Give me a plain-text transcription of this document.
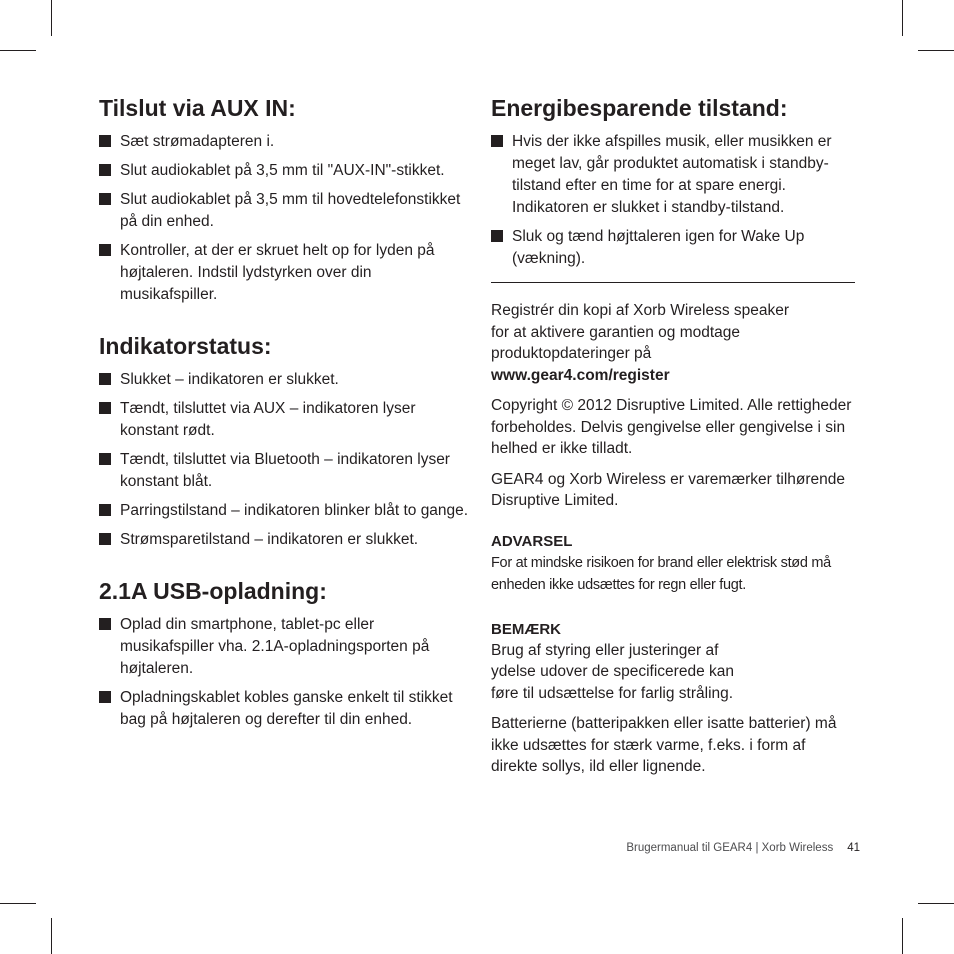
Tilslut via AUX IN:
Sæt strømadapteren i.
Slut audiokablet på 3,5 mm til "AUX-IN"-stikket.
Slut audiokablet på 3,5 mm til hovedtelefonstikket på din enhed.
Kontroller, at der er skruet helt op for lyden på højtaleren. Indstil lydstyrken over din musikafspiller.
Indikatorstatus:
Slukket – indikatoren er slukket.
Tændt, tilsluttet via AUX – indikatoren lyser konstant rødt.
Tændt, tilsluttet via Bluetooth – indikatoren lyser konstant blåt.
Parringstilstand – indikatoren blinker blåt to gange.
Strømsparetilstand – indikatoren er slukket.
2.1A USB-opladning:
Oplad din smartphone, tablet-pc eller musikafspiller vha. 2.1A-opladningsporten på højtaleren.
Opladningskablet kobles ganske enkelt til stikket bag på højtaleren og derefter til din enhed.
Energibesparende tilstand:
Hvis der ikke afspilles musik, eller musikken er meget lav, går produktet automatisk i standby-tilstand efter en time for at spare energi. Indikatoren er slukket i standby-tilstand.
Sluk og tænd højttaleren igen for Wake Up (vækning).

Registrér din kopi af Xorb Wireless speaker
for at aktivere garantien og modtage
produktopdateringer på
www.gear4.com/register

Copyright © 2012 Disruptive Limited. Alle rettigheder forbeholdes. Delvis gengivelse eller gengivelse i sin helhed er ikke tilladt.

GEAR4 og Xorb Wireless er varemærker tilhørende Disruptive Limited.

ADVARSEL

For at mindske risikoen for brand eller elektrisk stød må enheden ikke udsættes for regn eller fugt.

BEMÆRK

Brug af styring eller justeringer af
ydelse udover de specificerede kan
føre til udsættelse for farlig stråling.

Batterierne (batteripakken eller isatte batterier) må ikke udsættes for stærk varme, f.eks. i form af direkte sollys, ild eller lignende.

Brugermanual til GEAR4 | Xorb Wireless 41
